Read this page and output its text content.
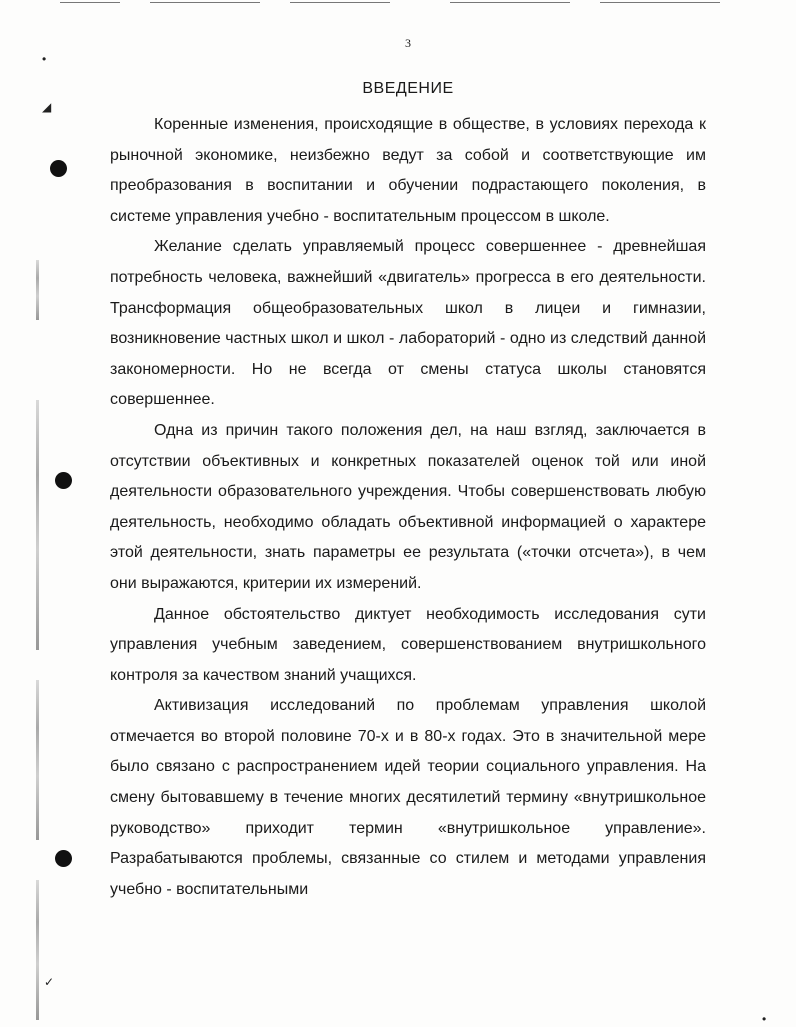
•
◢
✓
•
3
ВВЕДЕНИЕ

Коренные изменения, происходящие в обществе, в условиях перехода к рыночной экономике, неизбежно ведут за собой и соответствующие им преобразования в воспитании и обучении подрастающего поколения, в системе управления учебно - воспитательным процессом в школе.

Желание сделать управляемый процесс совершеннее - древнейшая потребность человека, важнейший «двигатель» прогресса в его деятельности. Трансформация общеобразовательных школ в лицеи и гимназии, возникновение частных школ и школ - лабораторий - одно из следствий данной закономерности. Но не всегда от смены статуса школы становятся совершеннее.

Одна из причин такого положения дел, на наш взгляд, заключается в отсутствии объективных и конкретных показателей оценок той или иной деятельности образовательного учреждения. Чтобы совершенствовать любую деятельность, необходимо обладать объективной информацией о характере этой деятельности, знать параметры ее результата («точки отсчета»), в чем они выражаются, критерии их измерений.

Данное обстоятельство диктует необходимость исследования сути управления учебным заведением, совершенствованием внутришкольного контроля за качеством знаний учащихся.

Активизация исследований по проблемам управления школой отмечается во второй половине 70-х и в 80-х годах. Это в значительной мере было связано с распространением идей теории социального управления. На смену бытовавшему в течение многих десятилетий термину «внутришкольное руководство» приходит термин «внутришкольное управление». Разрабатываются проблемы, связанные со стилем и методами управления учебно - воспитательными
